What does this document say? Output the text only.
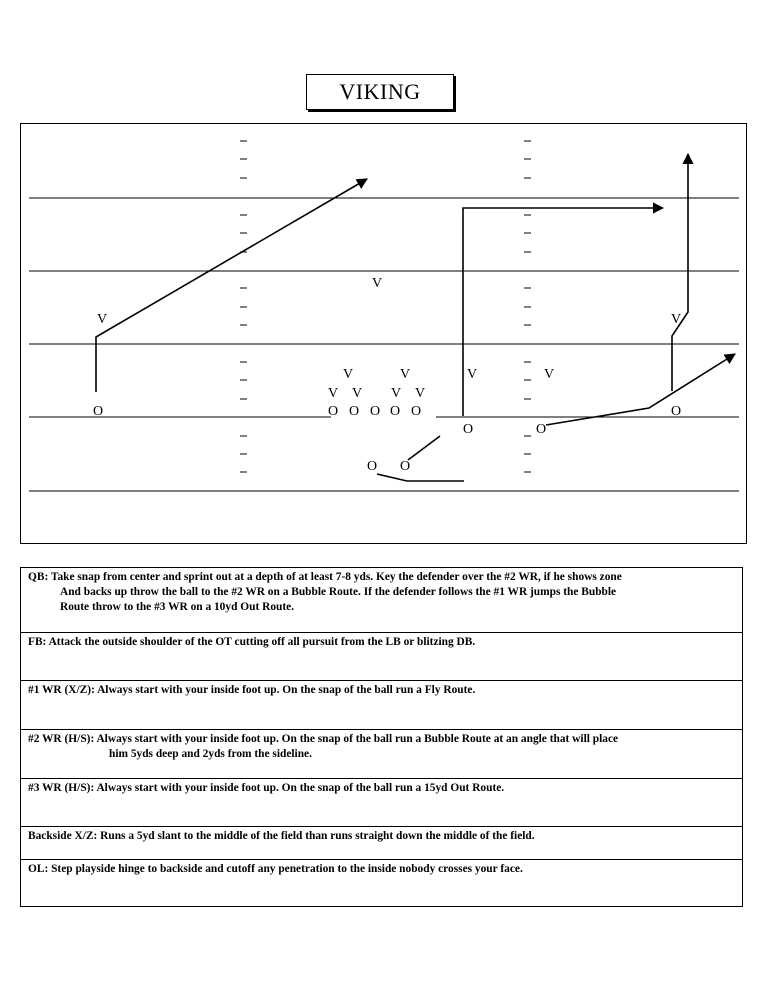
VIKING
V
V
V
V	V	V	V
V V V V
O	O O O O O
O	O
O
O O

QB: Take snap from center and sprint out at a depth of at least 7-8 yds. Key the defender over the #2 WR, if he shows zone

And backs up throw the ball to the #2 WR on a Bubble Route. If the defender follows the #1 WR jumps the Bubble

Route throw to the #3 WR on a 10yd Out Route.

FB: Attack the outside shoulder of the OT cutting off all pursuit from the LB or blitzing DB.

#1 WR (X/Z): Always start with your inside foot up. On the snap of the ball run a Fly Route.

#2 WR (H/S): Always start with your inside foot up. On the snap of the ball run a Bubble Route at an angle that will place

him 5yds deep and 2yds from the sideline.

#3 WR (H/S): Always start with your inside foot up. On the snap of the ball run a 15yd Out Route.

Backside X/Z: Runs a 5yd slant to the middle of the field than runs straight down the middle of the field.

OL: Step playside hinge to backside and cutoff any penetration to the inside nobody crosses your face.
